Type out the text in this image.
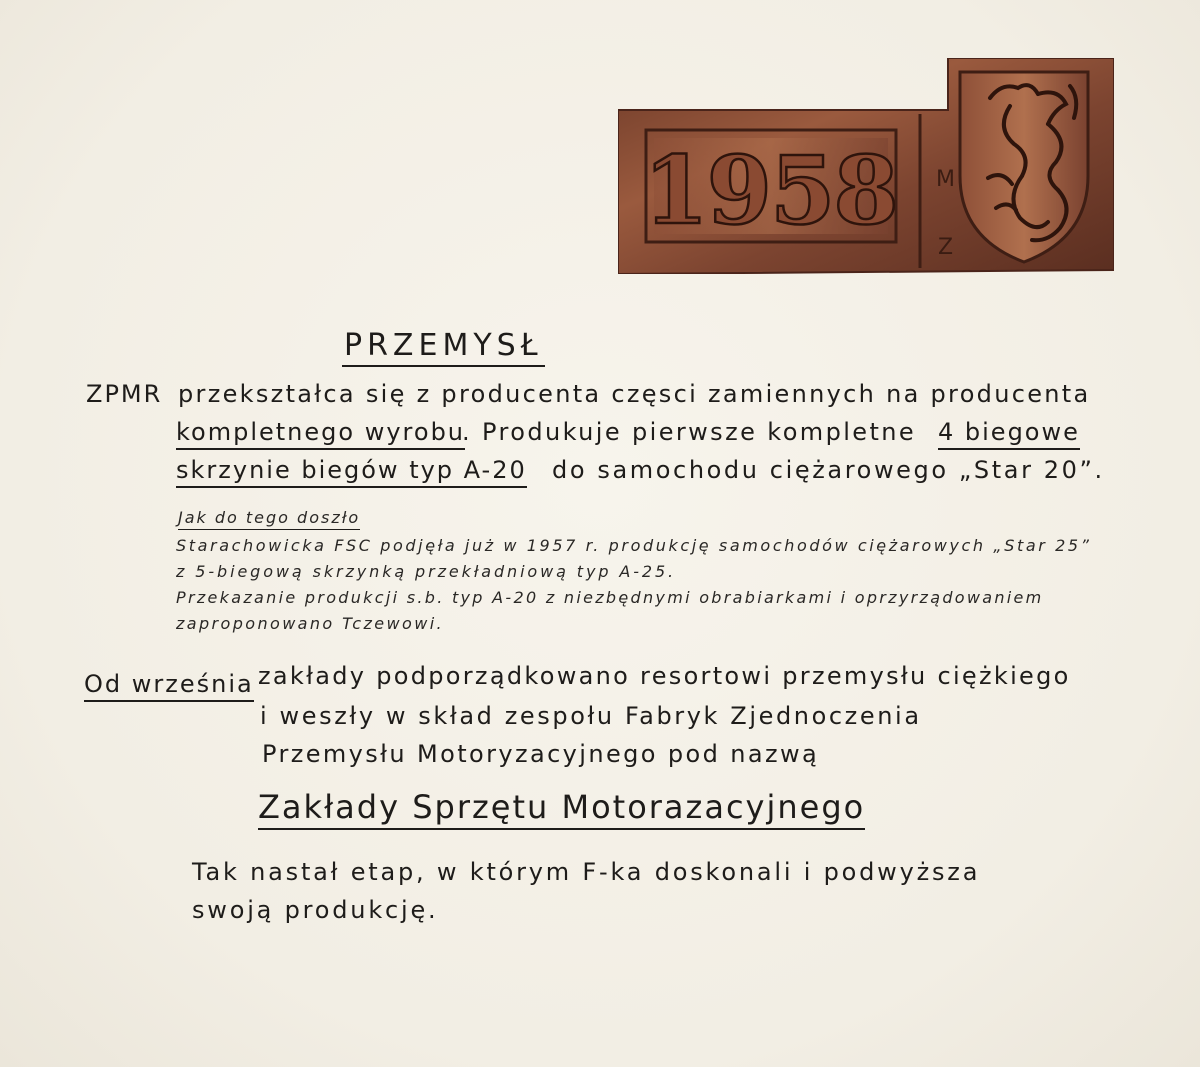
1958 M
Z
PRZEMYSŁ
ZPMR przekształca się z producenta częsci zamiennych na producenta
kompletnego wyrobu
. Produkuje pierwsze kompletne 4 biegowe
skrzynie biegów typ A-20 do samochodu ciężarowego „Star 20”.
Jak do tego doszło
Starachowicka FSC podjęła już w 1957 r. produkcję samochodów ciężarowych „Star 25”
z 5-biegową skrzynką przekładniową typ A-25.
Przekazanie produkcji s.b. typ A-20 z niezbędnymi obrabiarkami i oprzyrządowaniem
zaproponowano Tczewowi.
Od września zakłady podporządkowano resortowi przemysłu ciężkiego
i weszły w skład zespołu Fabryk Zjednoczenia
Przemysłu Motoryzacyjnego pod nazwą
Zakłady Sprzętu Motorazacyjnego
Tak nastał etap, w którym F-ka doskonali i podwyższa
swoją produkcję.
